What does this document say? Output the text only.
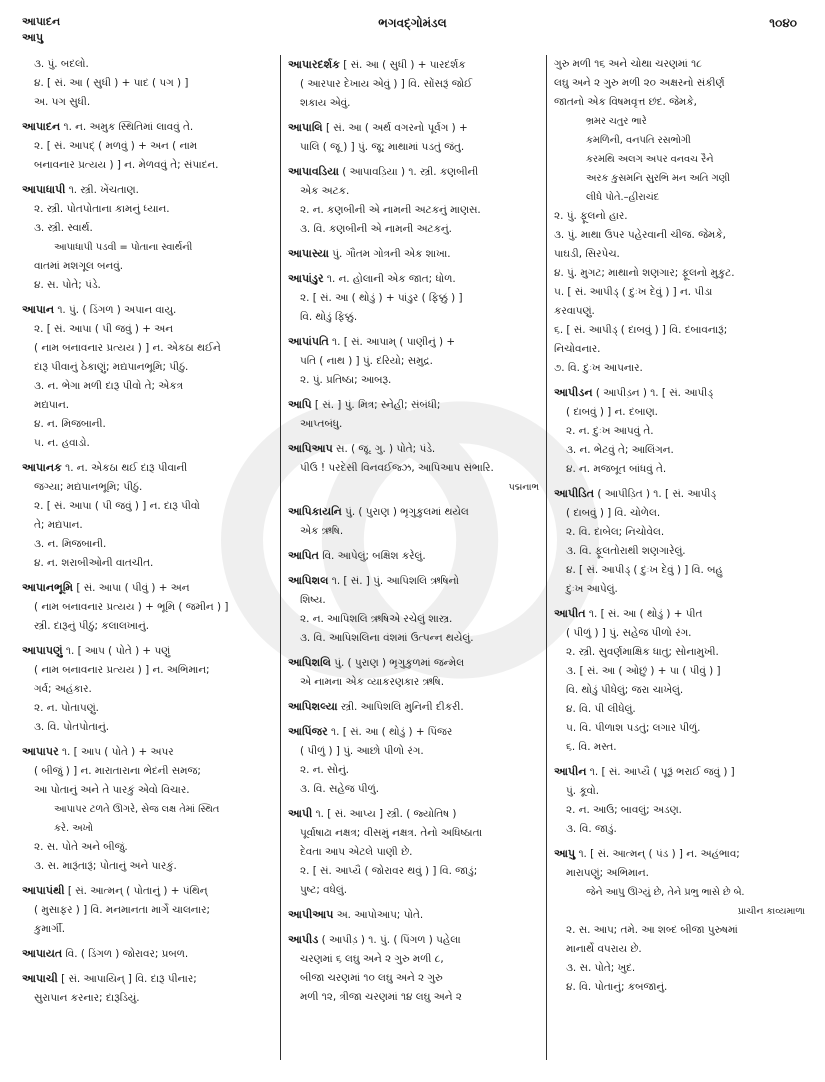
આપાદન
આપુ
ભગવદ્ગોમંડલ	૧૦૪૦
૩. પું. બદલો.
૪. [ સં. આ ( સુધી ) + પાદ ( પગ ) ]
અ. પગ સુધી.
આપાદન ૧. ન. અમુક સ્થિતિમાં લાવવું તે.
૨. [ સં. આપદ્ ( મળવું ) + અન ( નામ
બનાવનાર પ્રત્યય ) ] ન. મેળવવું તે; સંપાદન.
આપાધાપી ૧. સ્ત્રી. ખેંચતાણ.
૨. સ્ત્રી. પોતપોતાના કામનું ધ્યાન.
૩. સ્ત્રી. સ્વાર્થ.
આપાધાપી પડવી = પોતાના સ્વાર્થની
વાતમાં મશગૂલ બનવું.
૪. સ. પોતે; પંડે.
આપાન ૧. પું. ( ડિંગળ ) અપાન વાયુ.
૨. [ સં. આપા ( પી જવું ) + અન
( નામ બનાવનાર પ્રત્યય ) ] ન. એકઠા થઈને
દારૂ પીવાનું ઠેકાણું; મદ્યપાનભૂમિ; પીઠું.
૩. ન. ભેગા મળી દારૂ પીવો તે; એકત્ર
મદ્યપાન.
૪. ન. મિજબાની.
૫. ન. હવાડો.
આપાનક ૧. ન. એકઠા થઈ દારૂ પીવાની
જગ્યા; મદ્યપાનભૂમિ; પીઠું.
૨. [ સં. આપા ( પી જવું ) ] ન. દારૂ પીવો
તે; મદ્યપાન.
૩. ન. મિજબાની.
૪. ન. શરાબીઓની વાતચીત.
આપાનભૂમિ [ સં. આપા ( પીવું ) + અન
( નામ બનાવનાર પ્રત્યય ) + ભૂમિ ( જમીન ) ]
સ્ત્રી. દારૂનું પીઠું; કલાલખાનું.
આપાપણું ૧. [ આપ ( પોતે ) + પણું
( નામ બનાવનાર પ્રત્યય ) ] ન. અભિમાન;
ગર્વ; અહંકાર.
૨. ન. પોતાપણું.
૩. વિ. પોતપોતાનું.
આપાપર ૧. [ આપ ( પોતે ) + અપર
( બીજું ) ] ન. મારાતારાના ભેદની સમજ;
આ પોતાનું અને તે પારકું એવો વિચાર.
આપાપર ટળતે ઊગરે, સેજ લક્ષ તેમાં સ્થિત
કરે. અખો
૨. સ. પોતે અને બીજું.
૩. સ. મારૂંતારૂં; પોતાનું અને પારકું.
આપાપંથી [ સં. આત્મન્ ( પોતાનું ) + પંથિન્
( મુસાફર ) ] વિ. મનમાનતા માર્ગે ચાલનાર;
કુમાર્ગી.
આપાયત વિ. ( ડિંગળ ) જોરાવર; પ્રબળ.
આપાચી [ સં. આપાયિન્ ] વિ. દારૂ પીનાર;
સુરાપાન કરનાર; દારૂડિયું.
આપારદર્શક [ સં. આ ( સુધી ) + પારદર્શક
( આરપાર દેખાય એવું ) ] વિ. સોંસરૂં જોઈ
શકાય એવું.
આપાલિ [ સં. આ ( અર્થ વગરનો પૂર્વગ ) +
પાલિ ( જૂ ) ] પું. જૂ; માથામાં પડતું જંતુ.
આપાવડિયા ( આપાવડ઼િયા ) ૧. સ્ત્રી. કણબીની
એક અટક.
૨. ન. કણબીની એ નામની અટકનું માણસ.
૩. વિ. કણબીની એ નામની અટકનું.
આપાસ્યા પું. ગૌતમ ગોત્રની એક શાખા.
આપાંડુર ૧. ન. હોલાની એક જાત; ધોળ.
૨. [ સં. આ ( થોડું ) + પાંડુર ( ફિક્કું ) ]
વિ. થોડું ફિક્કું.
આપાંપતિ ૧. [ સં. આપામ્ ( પાણીનું ) +
પતિ ( નાથ ) ] પું. દરિયો; સમુદ્ર.
૨. પું. પ્રતિષ્ઠા; આબરૂ.
આપિ [ સં. ] પું. મિત્ર; સ્નેહી; સંબંધી;
આપ્તબંધુ.
આપિઆપ સ. ( જૂ. ગુ. ) પોતે; પંડે.
પીઉ ! પરદેસી વિનવઈજ્ઝ, આપિઆપ સંભારિ.
પદ્મનાભ
આપિકાયનિ પું. ( પુરાણ ) ભૃગુકુલમાં થયેલ
એક ઋષિ.
આપિત વિ. આપેલું; બક્ષિશ કરેલું.
આપિશલ ૧. [ સં. ] પું. આપિશલિ ઋષિનો
શિષ્ય.
૨. ન. આપિશલિ ઋષિએ રચેલું શાસ્ત્ર.
૩. વિ. આપિશલિના વંશમાં ઉત્પન્ન થયેલું.
આપિશલિ પું. ( પુરાણ ) ભૃગુકુળમાં જન્મેલ
એ નામના એક વ્યાકરણકાર ઋષિ.
આપિશલ્યા સ્ત્રી. આપિશલિ મુનિની દીકરી.
આપિંજર ૧. [ સં. આ ( થોડું ) + પિંજર
( પીળું ) ] પું. આછો પીળો રંગ.
૨. ન. સોનું.
૩. વિ. સહેજ પીળું.
આપી ૧. [ સં. આપ્ય ] સ્ત્રી. ( જ્યોતિષ )
પૂર્વાષાઢા નક્ષત્ર; વીસમું નક્ષત્ર. તેનો અધિષ્ઠાતા
દેવતા આપ એટલે પાણી છે.
૨. [ સં. આપ્યૈ ( જોરાવર થવું ) ] વિ. જાડું;
પુષ્ટ; વધેલું.
આપીઆપ અ. આપોઆપ; પોતે.
આપીડ ( આપીડ઼ ) ૧. પું. ( પિંગળ ) પહેલા
ચરણમાં ૬ લઘુ અને ૨ ગુરુ મળી ૮,
બીજા ચરણમાં ૧૦ લઘુ અને ૨ ગુરુ
મળી ૧૨, ત્રીજા ચરણમાં ૧૪ લઘુ અને ૨
ગુરુ મળી ૧૬ અને ચોથા ચરણમાં ૧૮
લઘુ અને ૨ ગુરુ મળી ૨૦ અક્ષરનો સંકીર્ણ
જાતનો એક વિષમવૃત્ત છંદ. જેમકે,
ભ્રમર ચતુર ભારે
કમળિની, વનપતિ રસભોગી
કરમથિ અલગ અપર વનવચ રૈને
અરક કુસમનિ સુરભિ મન અતિ ગણી
લીધે પોતે.–હીરાચંદ
૨. પું. ફૂલનો હાર.
૩. પું. માથા ઉપર પહેરવાની ચીજ. જેમકે,
પાઘડી, સિરપેચ.
૪. પું. મુગટ; માથાનો શણગાર; ફૂલનો મુકુટ.
૫. [ સં. આપીડ્ ( દુઃખ દેવું ) ] ન. પીડા
કરવાપણું.
૬. [ સં. આપીડ્ ( દાબવું ) ] વિ. દબાવનારૂં;
નિચોવનાર.
૭. વિ. દુઃખ આપનાર.
આપીડન ( આપીડ઼ન ) ૧. [ સં. આપીડ્
( દાબવું ) ] ન. દબાણ.
૨. ન. દુઃખ આપવું તે.
૩. ન. ભેટવું તે; આલિંગન.
૪. ન. મજબૂત બાંધવું તે.
આપીડિત ( આપીડ઼િત ) ૧. [ સં. આપીડ્
( દાબવું ) ] વિ. ચોળેલ.
૨. વિ. દાબેલ; નિચોવેલ.
૩. વિ. ફૂલતોરાથી શણગારેલું.
૪. [ સં. આપીડ્ ( દુઃખ દેવું ) ] વિ. બહુ
દુઃખ આપેલું.
આપીત ૧. [ સં. આ ( થોડું ) + પીત
( પીળું ) ] પું. સહેજ પીળો રંગ.
૨. સ્ત્રી. સુવર્ણમાક્ષિક ધાતુ; સોનામુખી.
૩. [ સં. આ ( ઓછું ) + પા ( પીવું ) ]
વિ. થોડું પીધેલું; જરા ચાખેલું.
૪. વિ. પી લીધેલું.
૫. વિ. પીળાશ પડતું; લગાર પીળું.
૬. વિ. મસ્ત.
આપીન ૧. [ સં. આપ્યૈ ( પૂરૂં ભરાઈ જવું ) ]
પું. કૂવો.
૨. ન. આઉ; બાવલું; અડણ.
૩. વિ. જાડું.
આપુ ૧. [ સં. આત્મન્ ( પંડ ) ] ન. અહંભાવ;
મારાપણું; અભિમાન.
જેને આપુ ઊગ્યું છે, તેને પ્રભુ ભાસે છે બે.
પ્રાચીન કાવ્યમાળા
૨. સ. આપ; તમે. આ શબ્દ બીજા પુરુષમાં
માનાર્થે વપરાય છે.
૩. સ. પોતે; ખુદ.
૪. વિ. પોતાનું; કબજાનું.
